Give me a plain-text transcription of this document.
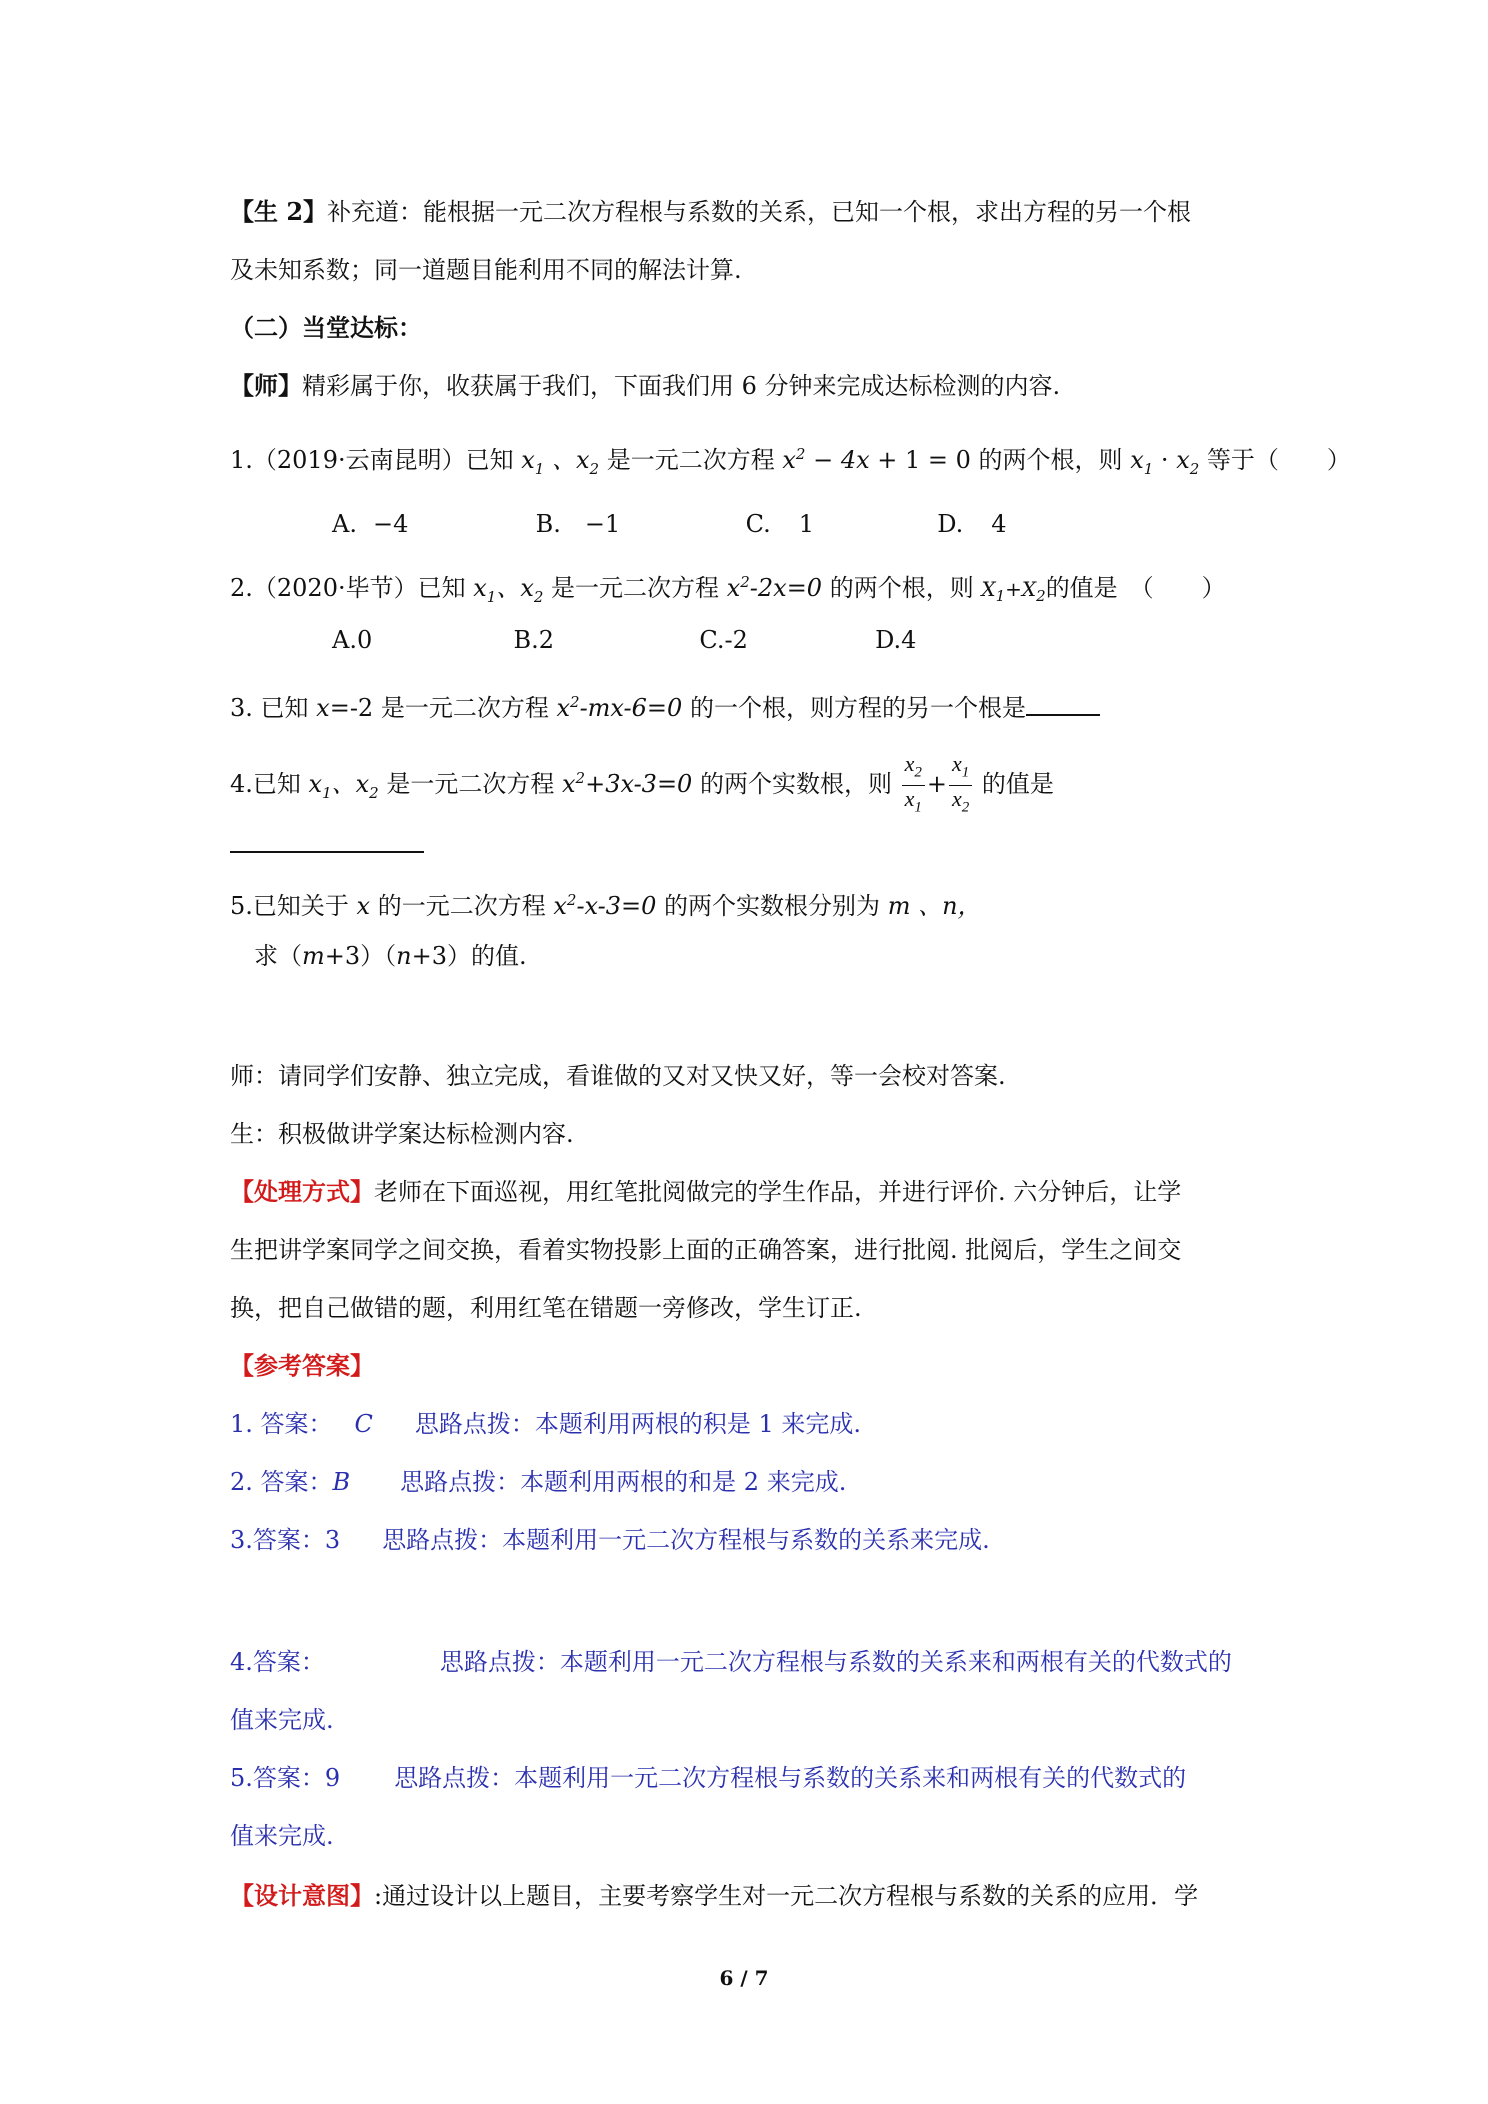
【生 2】补充道：能根据一元二次方程根与系数的关系，已知一个根，求出方程的另一个根
及未知系数；同一道题目能利用不同的解法计算.
（二）当堂达标：
【师】精彩属于你，收获属于我们，下面我们用 6 分钟来完成达标检测的内容.
1.（2019·云南昆明）已知 $x_1$ 、$x_2$ 是一元二次方程 $x^2 - 4x + 1 = 0$ 的两个根，则 $x_1 \cdot x_2$ 等于（　　）
A. −4	B. −1	C. 1	D. 4
2.（2020·毕节）已知 $x_1$、$x_2$ 是一元二次方程 $x^2-2x=0$ 的两个根，则 $X_1+X_2$的值是　（　　）
A.0	B.2	C.-2	D.4
3. 已知 x=-2 是一元二次方程 $x^2-mx-6=0$ 的一个根，则方程的另一个根是
4.已知 $x_1$、$x_2$ 是一元二次方程 $x^2+3x-3=0$ 的两个实数根，则 $\frac{x_2}{x_1} + \frac{x_1}{x_2}$ 的值是
5.已知关于 x 的一元二次方程 $x^2-x-3=0$ 的两个实数根分别为 m 、n，
求（m+3）（n+3）的值.
师：请同学们安静、独立完成，看谁做的又对又快又好，等一会校对答案.
生：积极做讲学案达标检测内容.
【处理方式】老师在下面巡视，用红笔批阅做完的学生作品，并进行评价. 六分钟后，让学
生把讲学案同学之间交换，看着实物投影上面的正确答案，进行批阅. 批阅后，学生之间交
换，把自己做错的题，利用红笔在错题一旁修改，学生订正.
【参考答案】
1. 答案： C 思路点拨：本题利用两根的积是 1 来完成.
2. 答案：B 思路点拨：本题利用两根的和是 2 来完成.
3.答案：3 思路点拨：本题利用一元二次方程根与系数的关系来完成.
4.答案：	思路点拨：本题利用一元二次方程根与系数的关系来和两根有关的代数式的
值来完成.
5.答案：9 思路点拨：本题利用一元二次方程根与系数的关系来和两根有关的代数式的
值来完成.
【设计意图】:通过设计以上题目，主要考察学生对一元二次方程根与系数的关系的应用．学
6 / 7
